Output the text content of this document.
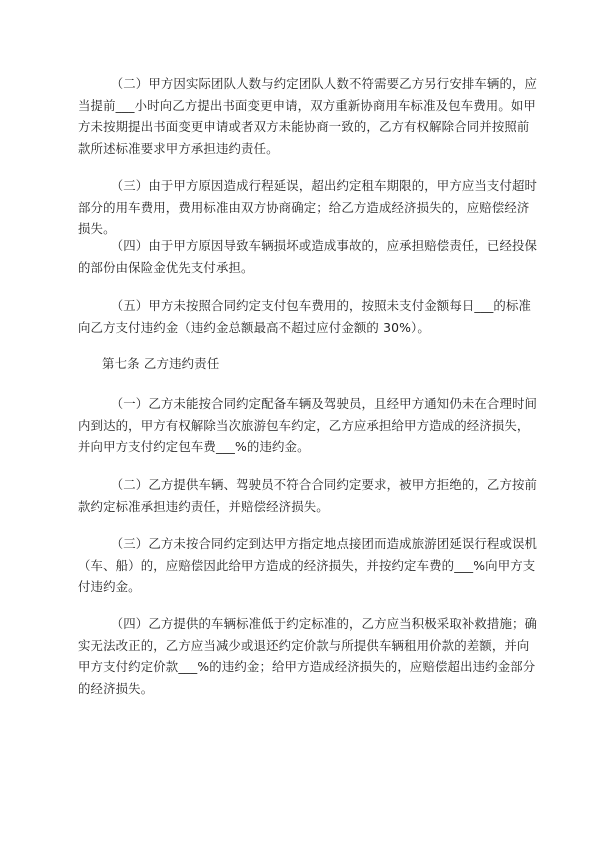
（二）甲方因实际团队人数与约定团队人数不符需要乙方另行安排车辆的，应当提前___小时向乙方提出书面变更申请，双方重新协商用车标准及包车费用。如甲方未按期提出书面变更申请或者双方未能协商一致的，乙方有权解除合同并按照前款所述标准要求甲方承担违约责任。
（三）由于甲方原因造成行程延误，超出约定租车期限的，甲方应当支付超时部分的用车费用，费用标准由双方协商确定；给乙方造成经济损失的，应赔偿经济损失。
（四）由于甲方原因导致车辆损坏或造成事故的，应承担赔偿责任，已经投保的部份由保险金优先支付承担。
（五）甲方未按照合同约定支付包车费用的，按照未支付金额每日___的标准向乙方支付违约金（违约金总额最高不超过应付金额的 30%）。
第七条 乙方违约责任
（一）乙方未能按合同约定配备车辆及驾驶员，且经甲方通知仍未在合理时间内到达的，甲方有权解除当次旅游包车约定，乙方应承担给甲方造成的经济损失，并向甲方支付约定包车费___%的违约金。
（二）乙方提供车辆、驾驶员不符合合同约定要求，被甲方拒绝的，乙方按前款约定标准承担违约责任，并赔偿经济损失。
（三）乙方未按合同约定到达甲方指定地点接团而造成旅游团延误行程或误机（车、船）的，应赔偿因此给甲方造成的经济损失，并按约定车费的___%向甲方支付违约金。
（四）乙方提供的车辆标准低于约定标准的，乙方应当积极采取补救措施；确实无法改正的，乙方应当减少或退还约定价款与所提供车辆租用价款的差额，并向甲方支付约定价款___%的违约金；给甲方造成经济损失的，应赔偿超出违约金部分的经济损失。
